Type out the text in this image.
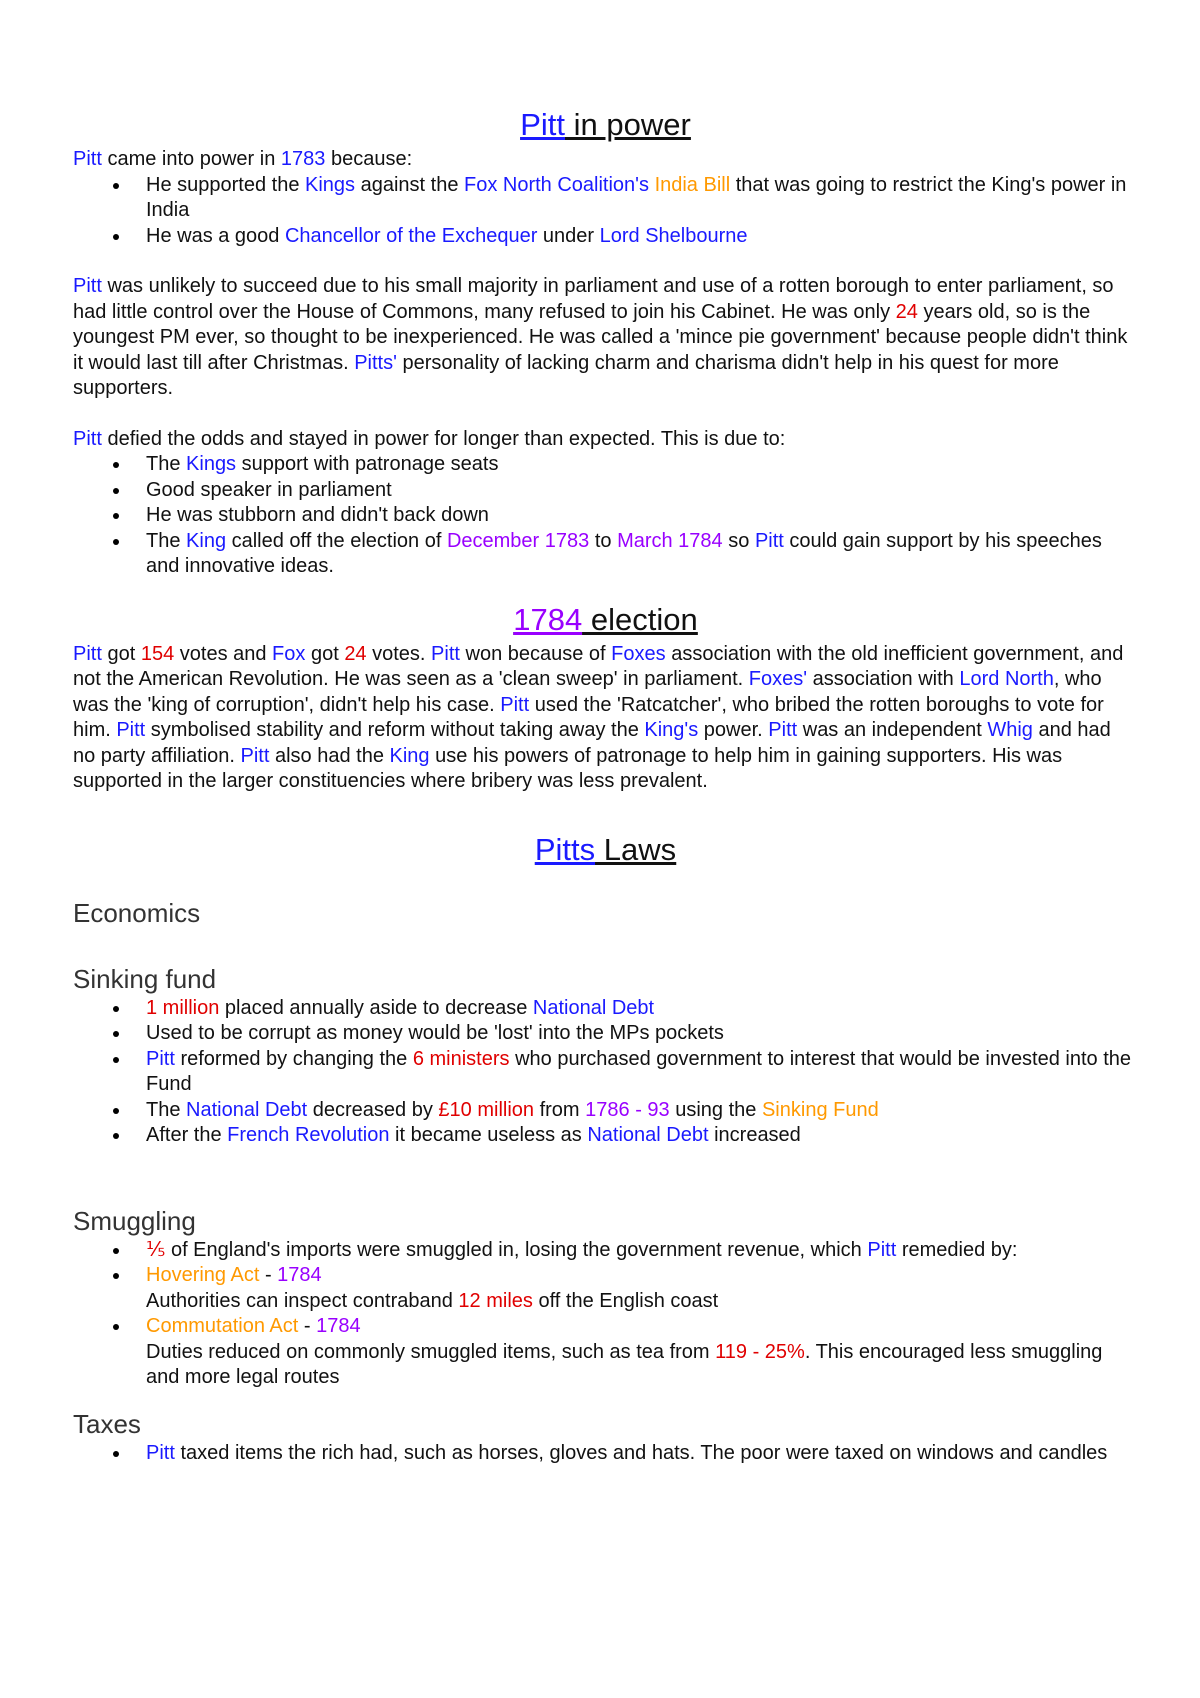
Pitt in power

Pitt came into power in 1783 because:

He supported the Kings against the Fox North Coalition's India Bill that was going to restrict the King's power in India
He was a good Chancellor of the Exchequer under Lord Shelbourne

Pitt was unlikely to succeed due to his small majority in parliament and use of a rotten borough to enter parliament, so had little control over the House of Commons, many refused to join his Cabinet. He was only 24 years old, so is the youngest PM ever, so thought to be inexperienced. He was called a 'mince pie government' because people didn't think it would last till after Christmas. Pitts' personality of lacking charm and charisma didn't help in his quest for more supporters.

Pitt defied the odds and stayed in power for longer than expected. This is due to:

The Kings support with patronage seats
Good speaker in parliament
He was stubborn and didn't back down
The King called off the election of December 1783 to March 1784 so Pitt could gain support by his speeches and innovative ideas.
1784 election

Pitt got 154 votes and Fox got 24 votes. Pitt won because of Foxes association with the old inefficient government, and not the American Revolution. He was seen as a 'clean sweep' in parliament. Foxes' association with Lord North, who was the 'king of corruption', didn't help his case. Pitt used the 'Ratcatcher', who bribed the rotten boroughs to vote for him. Pitt symbolised stability and reform without taking away the King's power. Pitt was an independent Whig and had no party affiliation. Pitt also had the King use his powers of patronage to help him in gaining supporters. His was supported in the larger constituencies where bribery was less prevalent.

Pitts Laws
Economics
Sinking fund
1 million placed annually aside to decrease National Debt
Used to be corrupt as money would be 'lost' into the MPs pockets
Pitt reformed by changing the 6 ministers who purchased government to interest that would be invested into the Fund
The National Debt decreased by £10 million from 1786 - 93 using the Sinking Fund
After the French Revolution it became useless as National Debt increased
Smuggling
⅕ of England's imports were smuggled in, losing the government revenue, which Pitt remedied by:
Hovering Act - 1784
Authorities can inspect contraband 12 miles off the English coast
Commutation Act - 1784
Duties reduced on commonly smuggled items, such as tea from 119 - 25%. This encouraged less smuggling and more legal routes
Taxes
Pitt taxed items the rich had, such as horses, gloves and hats. The poor were taxed on windows and candles
